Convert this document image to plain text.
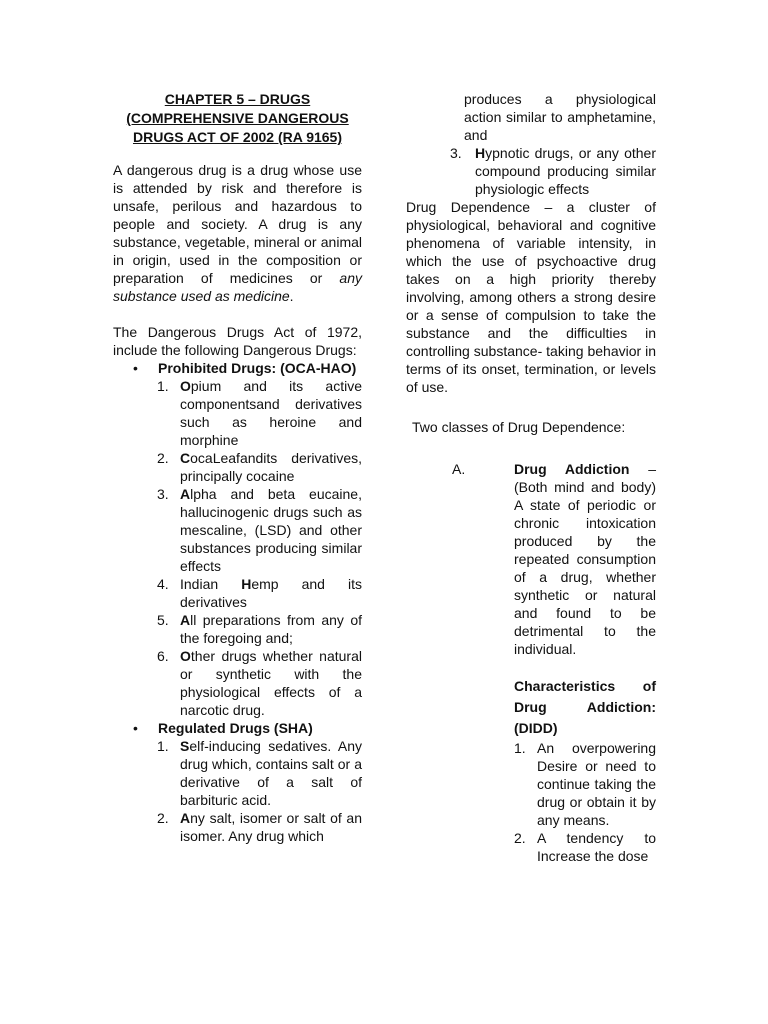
CHAPTER 5 – DRUGS
(COMPREHENSIVE DANGEROUS
DRUGS ACT OF 2002 (RA 9165)

A dangerous drug is a drug whose use is attended by risk and therefore is unsafe, perilous and hazardous to people and society. A drug is any substance, vegetable, mineral or animal in origin, used in the composition or preparation of medicines or any substance used as medicine.

The Dangerous Drugs Act of 1972, include the following Dangerous Drugs:

• Prohibited Drugs: (OCA-HAO)
1. Opium and its active componentsand derivatives such as heroine and morphine
2. CocaLeafandits derivatives, principally cocaine
3. Alpha and beta eucaine, hallucinogenic drugs such as mescaline, (LSD) and other substances producing similar effects
4. Indian Hemp and its derivatives
5. All preparations from any of the foregoing and;
6. Other drugs whether natural or synthetic with the physiological effects of a narcotic drug.
• Regulated Drugs (SHA)
1. Self-inducing sedatives. Any drug which, contains salt or a derivative of a salt of barbituric acid.
2. Any salt, isomer or salt of an isomer. Any drug which
produces a physiological action similar to amphetamine, and
3. Hypnotic drugs, or any other compound producing similar physiologic effects

Drug Dependence – a cluster of physiological, behavioral and cognitive phenomena of variable intensity, in which the use of psychoactive drug takes on a high priority thereby involving, among others a strong desire or a sense of compulsion to take the substance and the difficulties in controlling substance- taking behavior in terms of its onset, termination, or levels of use.

Two classes of Drug Dependence:
A.	Drug Addiction – (Both mind and body) A state of periodic or chronic intoxication produced by the repeated consumption of a drug, whether synthetic or natural and found to be detrimental to the individual.

Characteristics of Drug Addiction: (DIDD)
1. An overpowering Desire or need to continue taking the drug or obtain it by any means.
2. A tendency to Increase the dose
